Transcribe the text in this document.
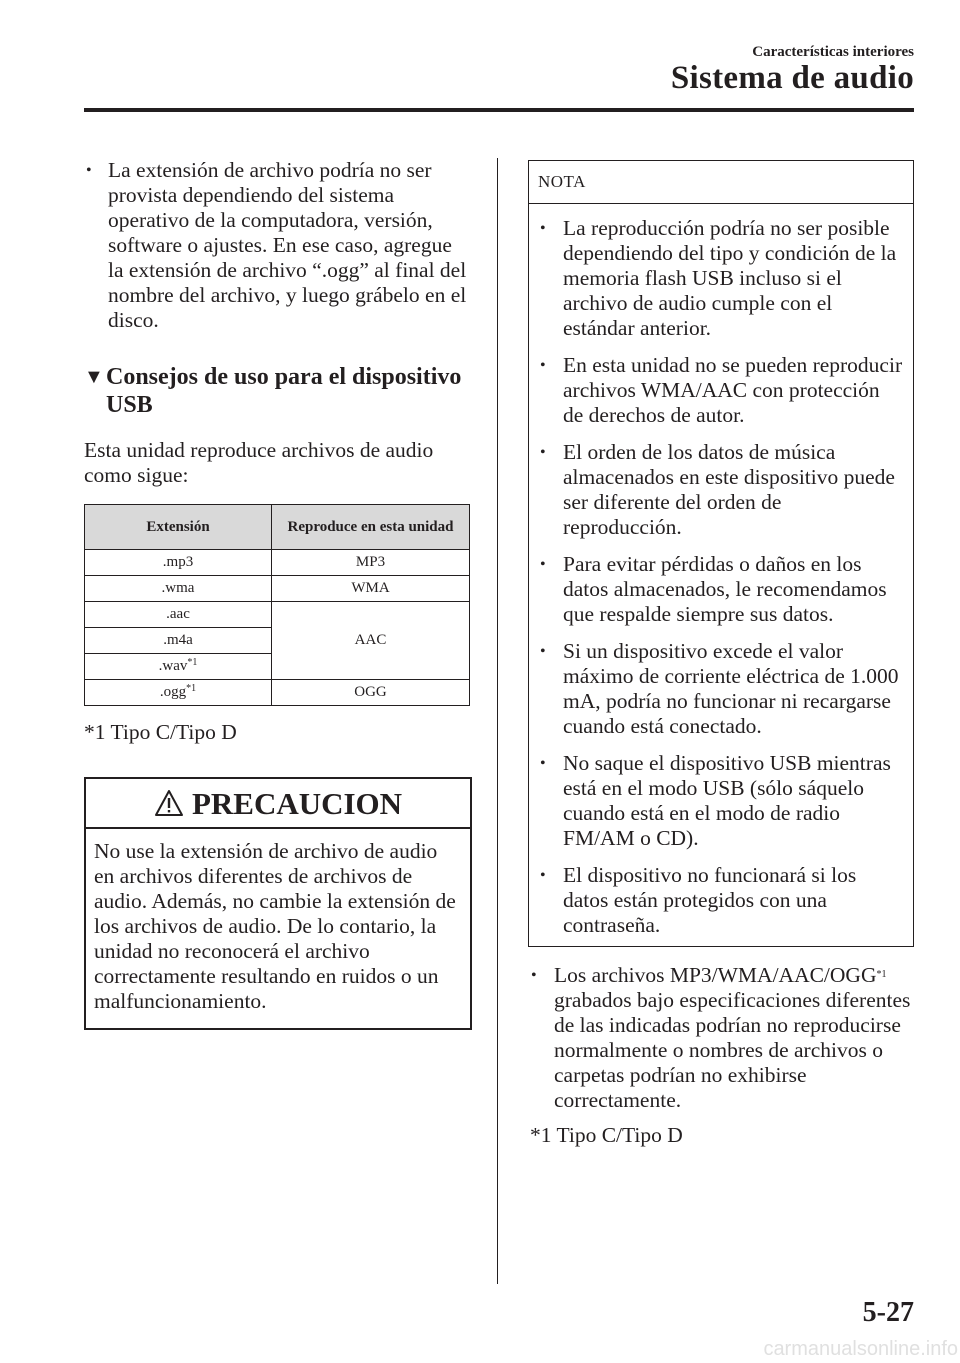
Características interiores
Sistema de audio
• La extensión de archivo podría no ser provista dependiendo del sistema operativo de la computadora, versión, software o ajustes. En ese caso, agregue la extensión de archivo “.ogg” al final del nombre del archivo, y luego grábelo en el disco.
▼ Consejos de uso para el dispositivo USB
Esta unidad reproduce archivos de audio como sigue:
Extensión	Reproduce en esta unidad
.mp3	MP3
.wma	WMA
.aac	AAC
.m4a	
.wav$^{*1}$
.ogg$^{*1}$	OGG
*1 Tipo C/Tipo D
PRECAUCION
No use la extensión de archivo de audio en archivos diferentes de archivos de audio. Además, no cambie la extensión de los archivos de audio. De lo contario, la unidad no reconocerá el archivo correctamente resultando en ruidos o un malfuncionamiento.
NOTA
• La reproducción podría no ser posible dependiendo del tipo y condición de la memoria flash USB incluso si el archivo de audio cumple con el estándar anterior.
• En esta unidad no se pueden reproducir archivos WMA/AAC con protección de derechos de autor.
• El orden de los datos de música almacenados en este dispositivo puede ser diferente del orden de reproducción.
• Para evitar pérdidas o daños en los datos almacenados, le recomendamos que respalde siempre sus datos.
• Si un dispositivo excede el valor máximo de corriente eléctrica de 1.000 mA, podría no funcionar ni recargarse cuando está conectado.
• No saque el dispositivo USB mientras está en el modo USB (sólo sáquelo cuando está en el modo de radio FM/AM o CD).
• El dispositivo no funcionará si los datos están protegidos con una contraseña.
• Los archivos MP3/WMA/AAC/OGG$^{*1}$ grabados bajo especificaciones diferentes de las indicadas podrían no reproducirse normalmente o nombres de archivos o carpetas podrían no exhibirse correctamente.
*1 Tipo C/Tipo D
5-27
carmanualsonline.info
